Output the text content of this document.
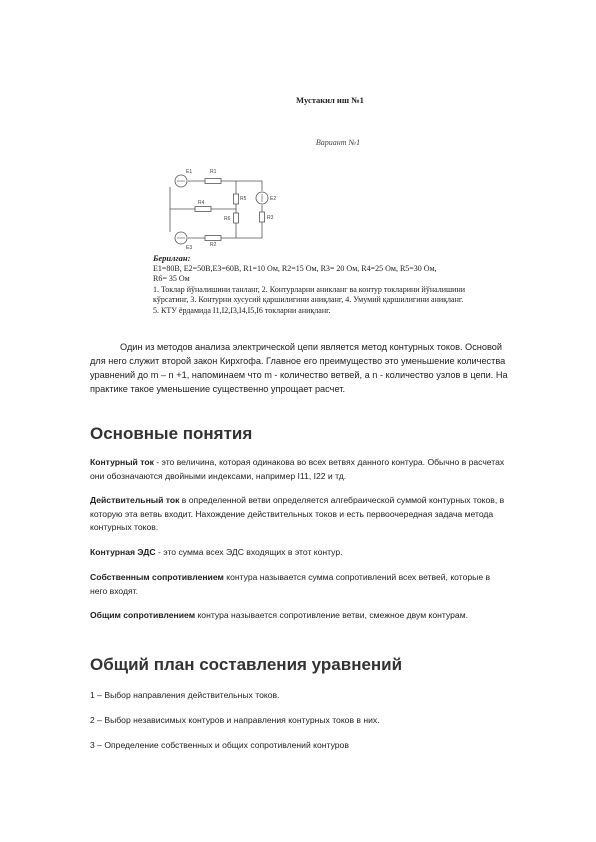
Мустакил иш №1
Вариант №1
E1	R1
R5	E2
R4
R6	R3
E3	R2
Берилган:
E1=80В, E2=50В,E3=60В, R1=10 Ом, R2=15 Ом, R3= 20 Ом, R4=25 Ом, R5=30 Ом,
R6= 35 Ом
1. Токлар йўналишини танланг, 2. Контурларни аникланг ва контур токларини йўналишини
кўрсатинг, 3. Контурни хусусий қаршилигини аниқланг, 4. Умумий қаршилигини аниқланг.
5. КТУ ёрдамида I1,I2,I3,I4,I5,I6 токларни аниқланг.

Один из методов анализа электрической цепи является метод контурных токов. Основой для него служит второй закон Кирхгофа. Главное его преимущество это уменьшение количества уравнений до m – n +1, напоминаем что m - количество ветвей, а n - количество узлов в цепи. На практике такое уменьшение существенно упрощает расчет.

Основные понятия

Контурный ток - это величина, которая одинакова во всех ветвях данного контура. Обычно в расчетах они обозначаются двойными индексами, например I11, I22 и тд.

Действительный ток в определенной ветви определяется алгебраической суммой контурных токов, в которую эта ветвь входит. Нахождение действительных токов и есть первоочередная задача метода контурных токов.

Контурная ЭДС - это сумма всех ЭДС входящих в этот контур.

Собственным сопротивлением контура называется сумма сопротивлений всех ветвей, которые в него входят.

Общим сопротивлением контура называется сопротивление ветви, смежное двум контурам.

Общий план составления уравнений

1 – Выбор направления действительных токов.

2 – Выбор независимых контуров и направления контурных токов в них.

3 – Определение собственных и общих сопротивлений контуров
